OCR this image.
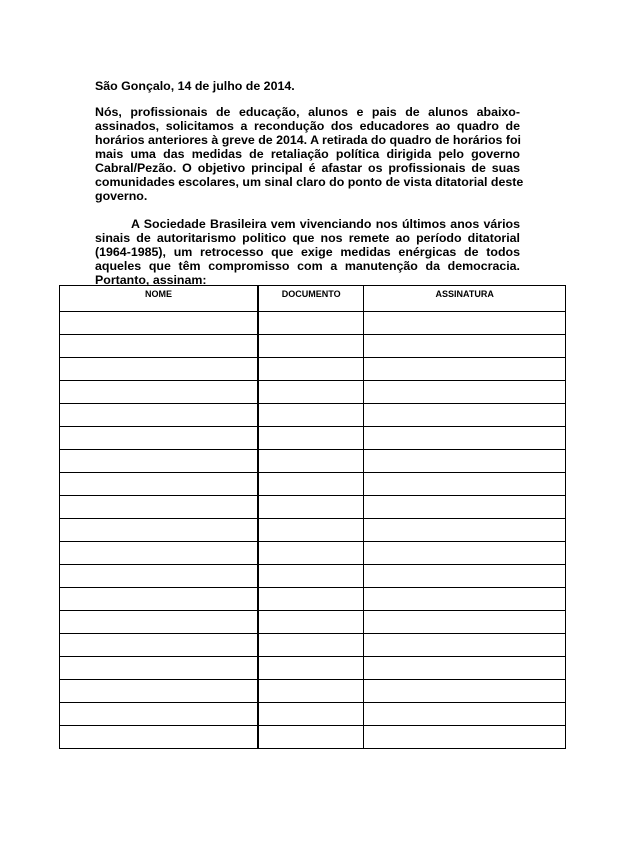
São Gonçalo, 14 de julho de 2014.
Nós, profissionais de educação, alunos e pais de alunos abaixo-
assinados, solicitamos a recondução dos educadores ao quadro de
horários anteriores à greve de 2014. A retirada do quadro de horários foi
mais uma das medidas de retaliação política dirigida pelo governo
Cabral/Pezão. O objetivo principal é afastar os profissionais de suas
comunidades escolares, um sinal claro do ponto de vista ditatorial deste
governo.
A Sociedade Brasileira vem vivenciando nos últimos anos vários
sinais de autoritarismo politico que nos remete ao período ditatorial
(1964-1985), um retrocesso que exige medidas enérgicas de todos
aqueles que têm compromisso com a manutenção da democracia.
Portanto, assinam:
NOME	DOCUMENTO	ASSINATURA
